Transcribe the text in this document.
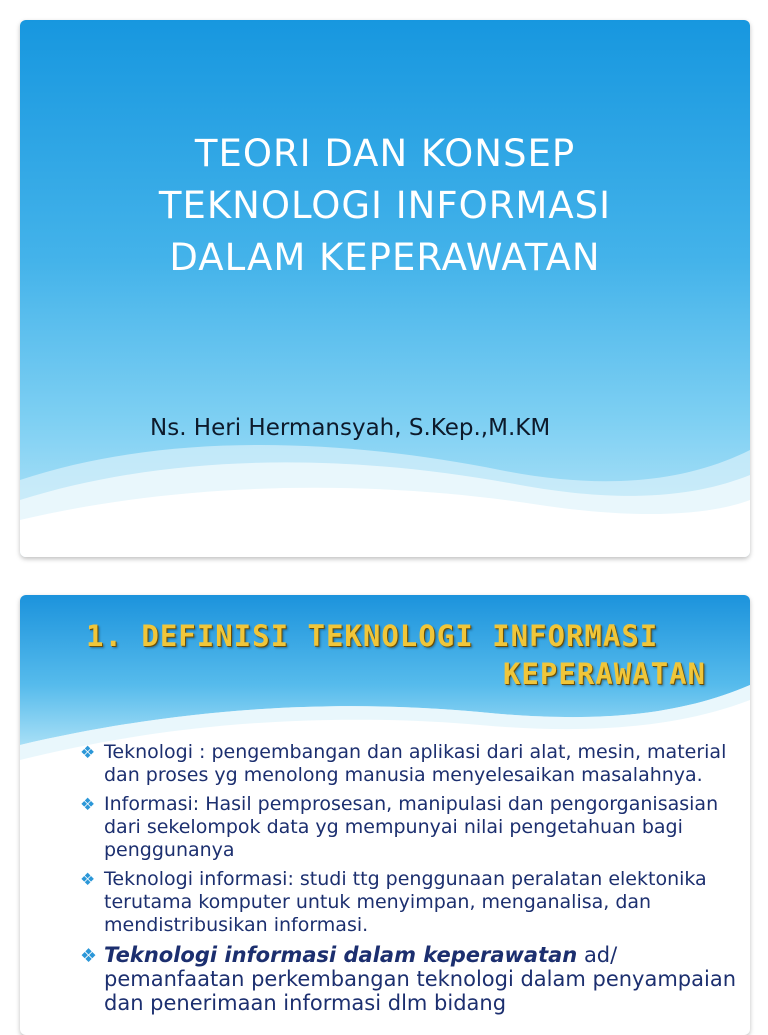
TEORI DAN KONSEP
TEKNOLOGI INFORMASI
DALAM KEPERAWATAN
Ns. Heri Hermansyah, S.Kep.,M.KM
1. DEFINISI TEKNOLOGI INFORMASI
KEPERAWATAN
❖ Teknologi : pengembangan dan aplikasi dari alat, mesin, material dan proses yg menolong manusia menyelesaikan masalahnya.
❖ Informasi: Hasil pemprosesan, manipulasi dan pengorganisasian dari sekelompok data yg mempunyai nilai pengetahuan bagi penggunanya
❖ Teknologi informasi: studi ttg penggunaan peralatan elektonika terutama komputer untuk menyimpan, menganalisa, dan mendistribusikan informasi.
❖ Teknologi informasi dalam keperawatan ad/ pemanfaatan perkembangan teknologi dalam penyampaian dan penerimaan informasi dlm bidang
